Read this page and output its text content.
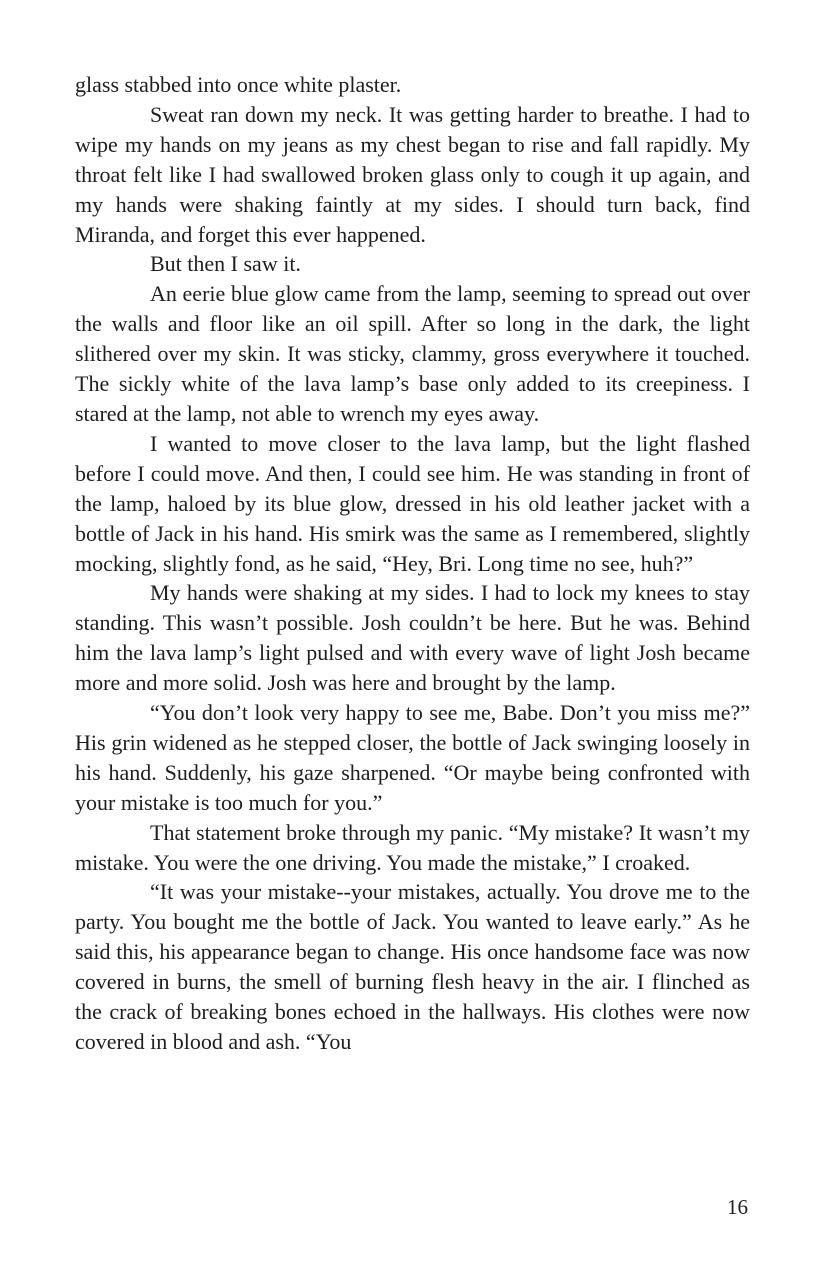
glass stabbed into once white plaster.

Sweat ran down my neck. It was getting harder to breathe. I had to wipe my hands on my jeans as my chest began to rise and fall rapidly. My throat felt like I had swallowed broken glass only to cough it up again, and my hands were shaking faintly at my sides. I should turn back, find Miranda, and forget this ever happened.

But then I saw it.

An eerie blue glow came from the lamp, seeming to spread out over the walls and floor like an oil spill. After so long in the dark, the light slithered over my skin. It was sticky, clammy, gross everywhere it touched. The sickly white of the lava lamp’s base only added to its creepiness. I stared at the lamp, not able to wrench my eyes away.

I wanted to move closer to the lava lamp, but the light flashed before I could move. And then, I could see him. He was standing in front of the lamp, haloed by its blue glow, dressed in his old leather jacket with a bottle of Jack in his hand. His smirk was the same as I remembered, slightly mocking, slightly fond, as he said, “Hey, Bri. Long time no see, huh?”

My hands were shaking at my sides. I had to lock my knees to stay standing. This wasn’t possible. Josh couldn’t be here. But he was. Behind him the lava lamp’s light pulsed and with every wave of light Josh became more and more solid. Josh was here and brought by the lamp.

“You don’t look very happy to see me, Babe. Don’t you miss me?” His grin widened as he stepped closer, the bottle of Jack swinging loosely in his hand. Suddenly, his gaze sharpened. “Or maybe being confronted with your mistake is too much for you.”

That statement broke through my panic. “My mistake? It wasn’t my mistake. You were the one driving. You made the mistake,” I croaked.

“It was your mistake--your mistakes, actually. You drove me to the party. You bought me the bottle of Jack. You wanted to leave early.” As he said this, his appearance began to change. His once handsome face was now covered in burns, the smell of burning flesh heavy in the air. I flinched as the crack of breaking bones echoed in the hallways. His clothes were now covered in blood and ash. “You

16
